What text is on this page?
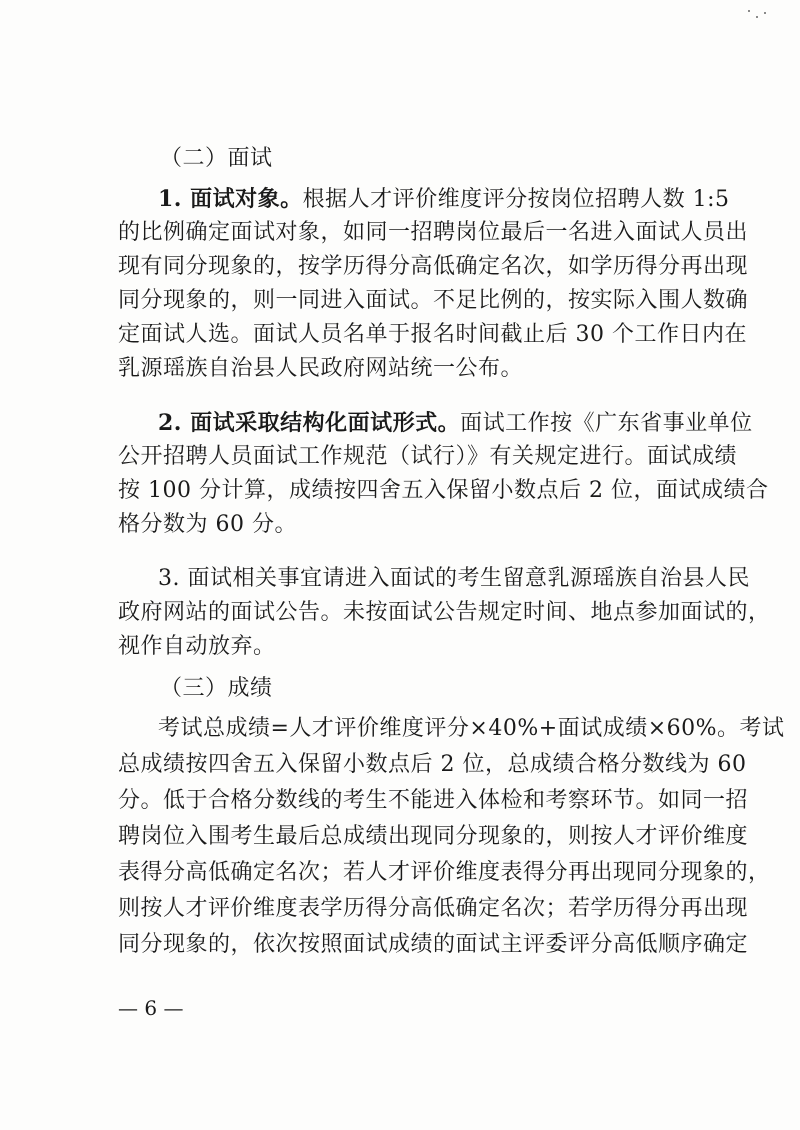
（二）面试
1. 面试对象。根据人才评价维度评分按岗位招聘人数 1:5
的比例确定面试对象，如同一招聘岗位最后一名进入面试人员出
现有同分现象的，按学历得分高低确定名次，如学历得分再出现
同分现象的，则一同进入面试。不足比例的，按实际入围人数确
定面试人选。面试人员名单于报名时间截止后 30 个工作日内在
乳源瑶族自治县人民政府网站统一公布。
2. 面试采取结构化面试形式。面试工作按《广东省事业单位
公开招聘人员面试工作规范（试行）》有关规定进行。面试成绩
按 100 分计算，成绩按四舍五入保留小数点后 2 位，面试成绩合
格分数为 60 分。
3. 面试相关事宜请进入面试的考生留意乳源瑶族自治县人民
政府网站的面试公告。未按面试公告规定时间、地点参加面试的，
视作自动放弃。
（三）成绩
考试总成绩=人才评价维度评分×40%+面试成绩×60%。考试
总成绩按四舍五入保留小数点后 2 位，总成绩合格分数线为 60
分。低于合格分数线的考生不能进入体检和考察环节。如同一招
聘岗位入围考生最后总成绩出现同分现象的，则按人才评价维度
表得分高低确定名次；若人才评价维度表得分再出现同分现象的，
则按人才评价维度表学历得分高低确定名次；若学历得分再出现
同分现象的，依次按照面试成绩的面试主评委评分高低顺序确定
— 6 —
